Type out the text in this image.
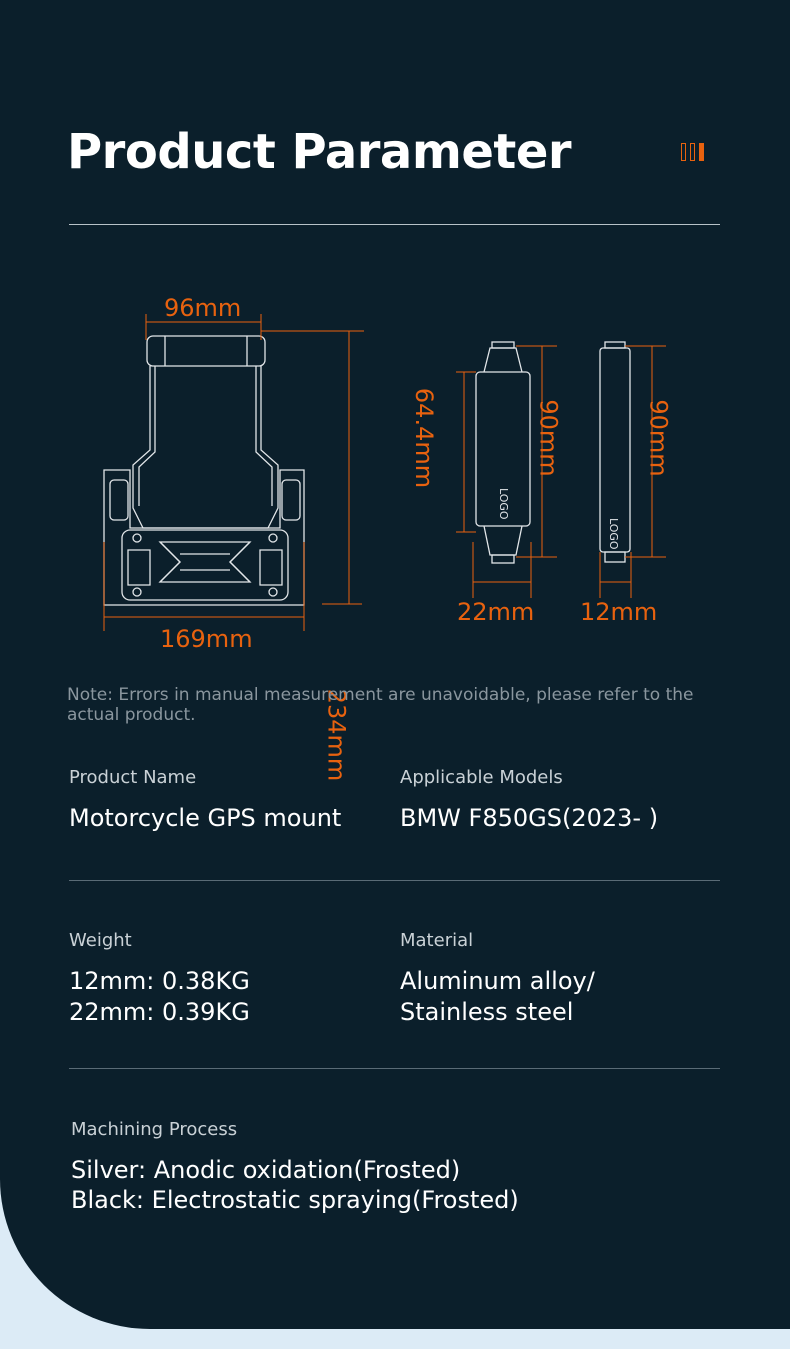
Product Parameter
LOGO
LOGO
96mm
234mm
169mm
64.4mm	90mm
22mm
90mm
12mm
Note: Errors in manual measurement are unavoidable, please refer to the actual product.
Product Name
Motorcycle GPS mount
Applicable Models
BMW F850GS(2023- )
Weight
12mm: 0.38KG
22mm: 0.39KG
Material
Aluminum alloy/
Stainless steel
Machining Process
Silver: Anodic oxidation(Frosted)
Black: Electrostatic spraying(Frosted)
